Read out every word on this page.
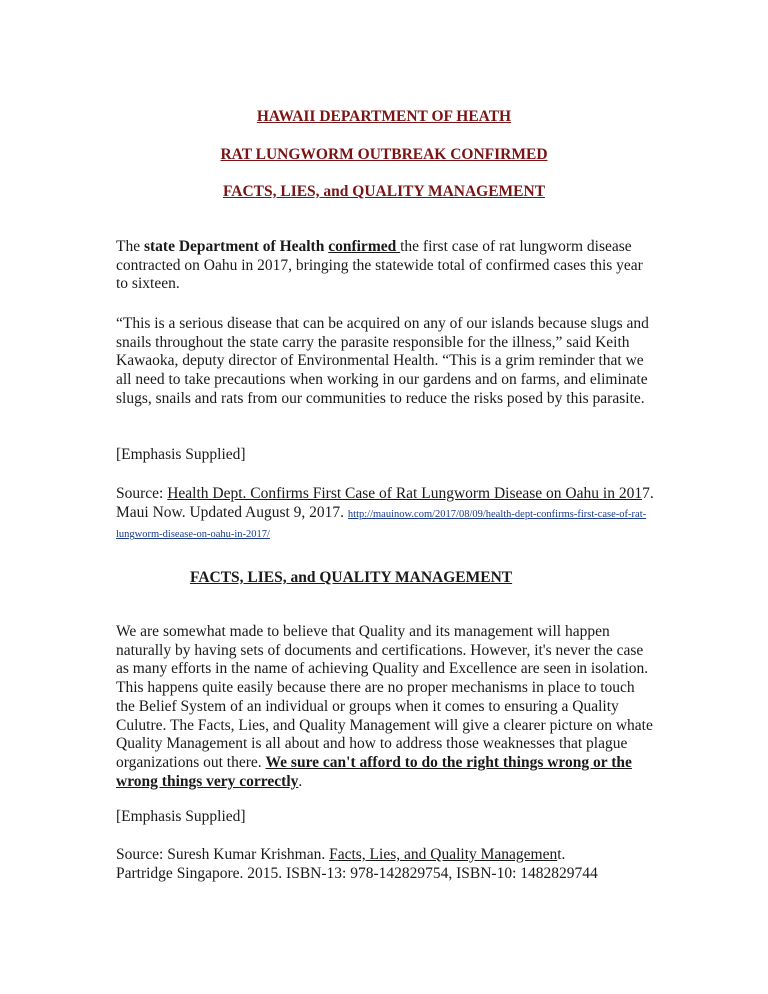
HAWAII DEPARTMENT OF HEATH
RAT LUNGWORM OUTBREAK CONFIRMED
FACTS, LIES, and QUALITY MANAGEMENT

The state Department of Health confirmed the first case of rat lungworm disease contracted on Oahu in 2017, bringing the statewide total of confirmed cases this year to sixteen.

“This is a serious disease that can be acquired on any of our islands because slugs and snails throughout the state carry the parasite responsible for the illness,” said Keith Kawaoka, deputy director of Environmental Health. “This is a grim reminder that we all need to take precautions when working in our gardens and on farms, and eliminate slugs, snails and rats from our communities to reduce the risks posed by this parasite.

[Emphasis Supplied]

Source: Health Dept. Confirms First Case of Rat Lungworm Disease on Oahu in 2017. Maui Now. Updated August 9, 2017. http://mauinow.com/2017/08/09/health-dept-confirms-first-case-of-rat-lungworm-disease-on-oahu-in-2017/

FACTS, LIES, and QUALITY MANAGEMENT

We are somewhat made to believe that Quality and its management will happen naturally by having sets of documents and certifications. However, it's never the case as many efforts in the name of achieving Quality and Excellence are seen in isolation. This happens quite easily because there are no proper mechanisms in place to touch the Belief System of an individual or groups when it comes to ensuring a Quality Culutre. The Facts, Lies, and Quality Management will give a clearer picture on whate Quality Management is all about and how to address those weaknesses that plague organizations out there. We sure can't afford to do the right things wrong or the wrong things very correctly.

[Emphasis Supplied]

Source: Suresh Kumar Krishman. Facts, Lies, and Quality Management.
Partridge Singapore. 2015. ISBN-13: 978-142829754, ISBN-10: 1482829744
